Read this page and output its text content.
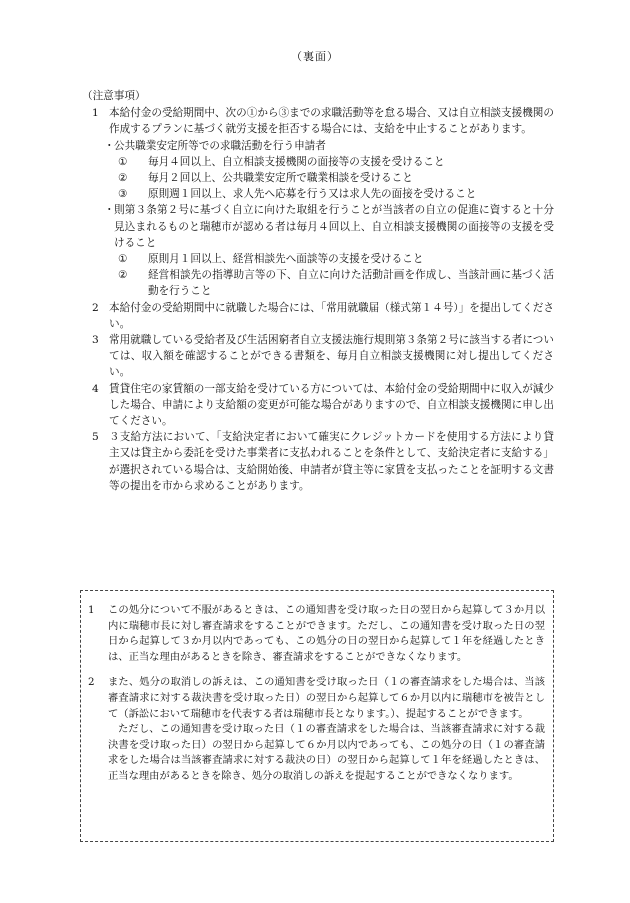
（裏面）
（注意事項）
1 本給付金の受給期間中、次の①から③までの求職活動等を怠る場合、又は自立相談支援機関の作成するプランに基づく就労支援を拒否する場合には、支給を中止することがあります。
・ 公共職業安定所等での求職活動を行う申請者
① 毎月４回以上、自立相談支援機関の面接等の支援を受けること
② 毎月２回以上、公共職業安定所で職業相談を受けること
③ 原則週１回以上、求人先へ応募を行う又は求人先の面接を受けること
・ 則第３条第２号に基づく自立に向けた取組を行うことが当該者の自立の促進に資すると十分見込まれるものと瑞穂市が認める者は毎月４回以上、自立相談支援機関の面接等の支援を受けること
① 原則月１回以上、経営相談先へ面談等の支援を受けること
② 経営相談先の指導助言等の下、自立に向けた活動計画を作成し、当該計画に基づく活動を行うこと
2 本給付金の受給期間中に就職した場合には、「常用就職届（様式第１４号）」を提出してください。
3 常用就職している受給者及び生活困窮者自立支援法施行規則第３条第２号に該当する者については、収入額を確認することができる書類を、毎月自立相談支援機関に対し提出してください。
4 賃貸住宅の家賃額の一部支給を受けている方については、本給付金の受給期間中に収入が減少した場合、申請により支給額の変更が可能な場合がありますので、自立相談支援機関に申し出てください。
5 ３支給方法において、「支給決定者において確実にクレジットカードを使用する方法により貸主又は貸主から委託を受けた事業者に支払われることを条件として、支給決定者に支給する」が選択されている場合は、支給開始後、申請者が貸主等に家賃を支払ったことを証明する文書等の提出を市から求めることがあります。
1 この処分について不服があるときは、この通知書を受け取った日の翌日から起算して３か月以内に瑞穂市長に対し審査請求をすることができます。ただし、この通知書を受け取った日の翌日から起算して３か月以内であっても、この処分の日の翌日から起算して１年を経過したときは、正当な理由があるときを除き、審査請求をすることができなくなります。
2 また、処分の取消しの訴えは、この通知書を受け取った日（１の審査請求をした場合は、当該審査請求に対する裁決書を受け取った日）の翌日から起算して６か月以内に瑞穂市を被告として（訴訟において瑞穂市を代表する者は瑞穂市長となります。）、提起することができます。
ただし、この通知書を受け取った日（１の審査請求をした場合は、当該審査請求に対する裁決書を受け取った日）の翌日から起算して６か月以内であっても、この処分の日（１の審査請求をした場合は当該審査請求に対する裁決の日）の翌日から起算して１年を経過したときは、正当な理由があるときを除き、処分の取消しの訴えを提起することができなくなります。
